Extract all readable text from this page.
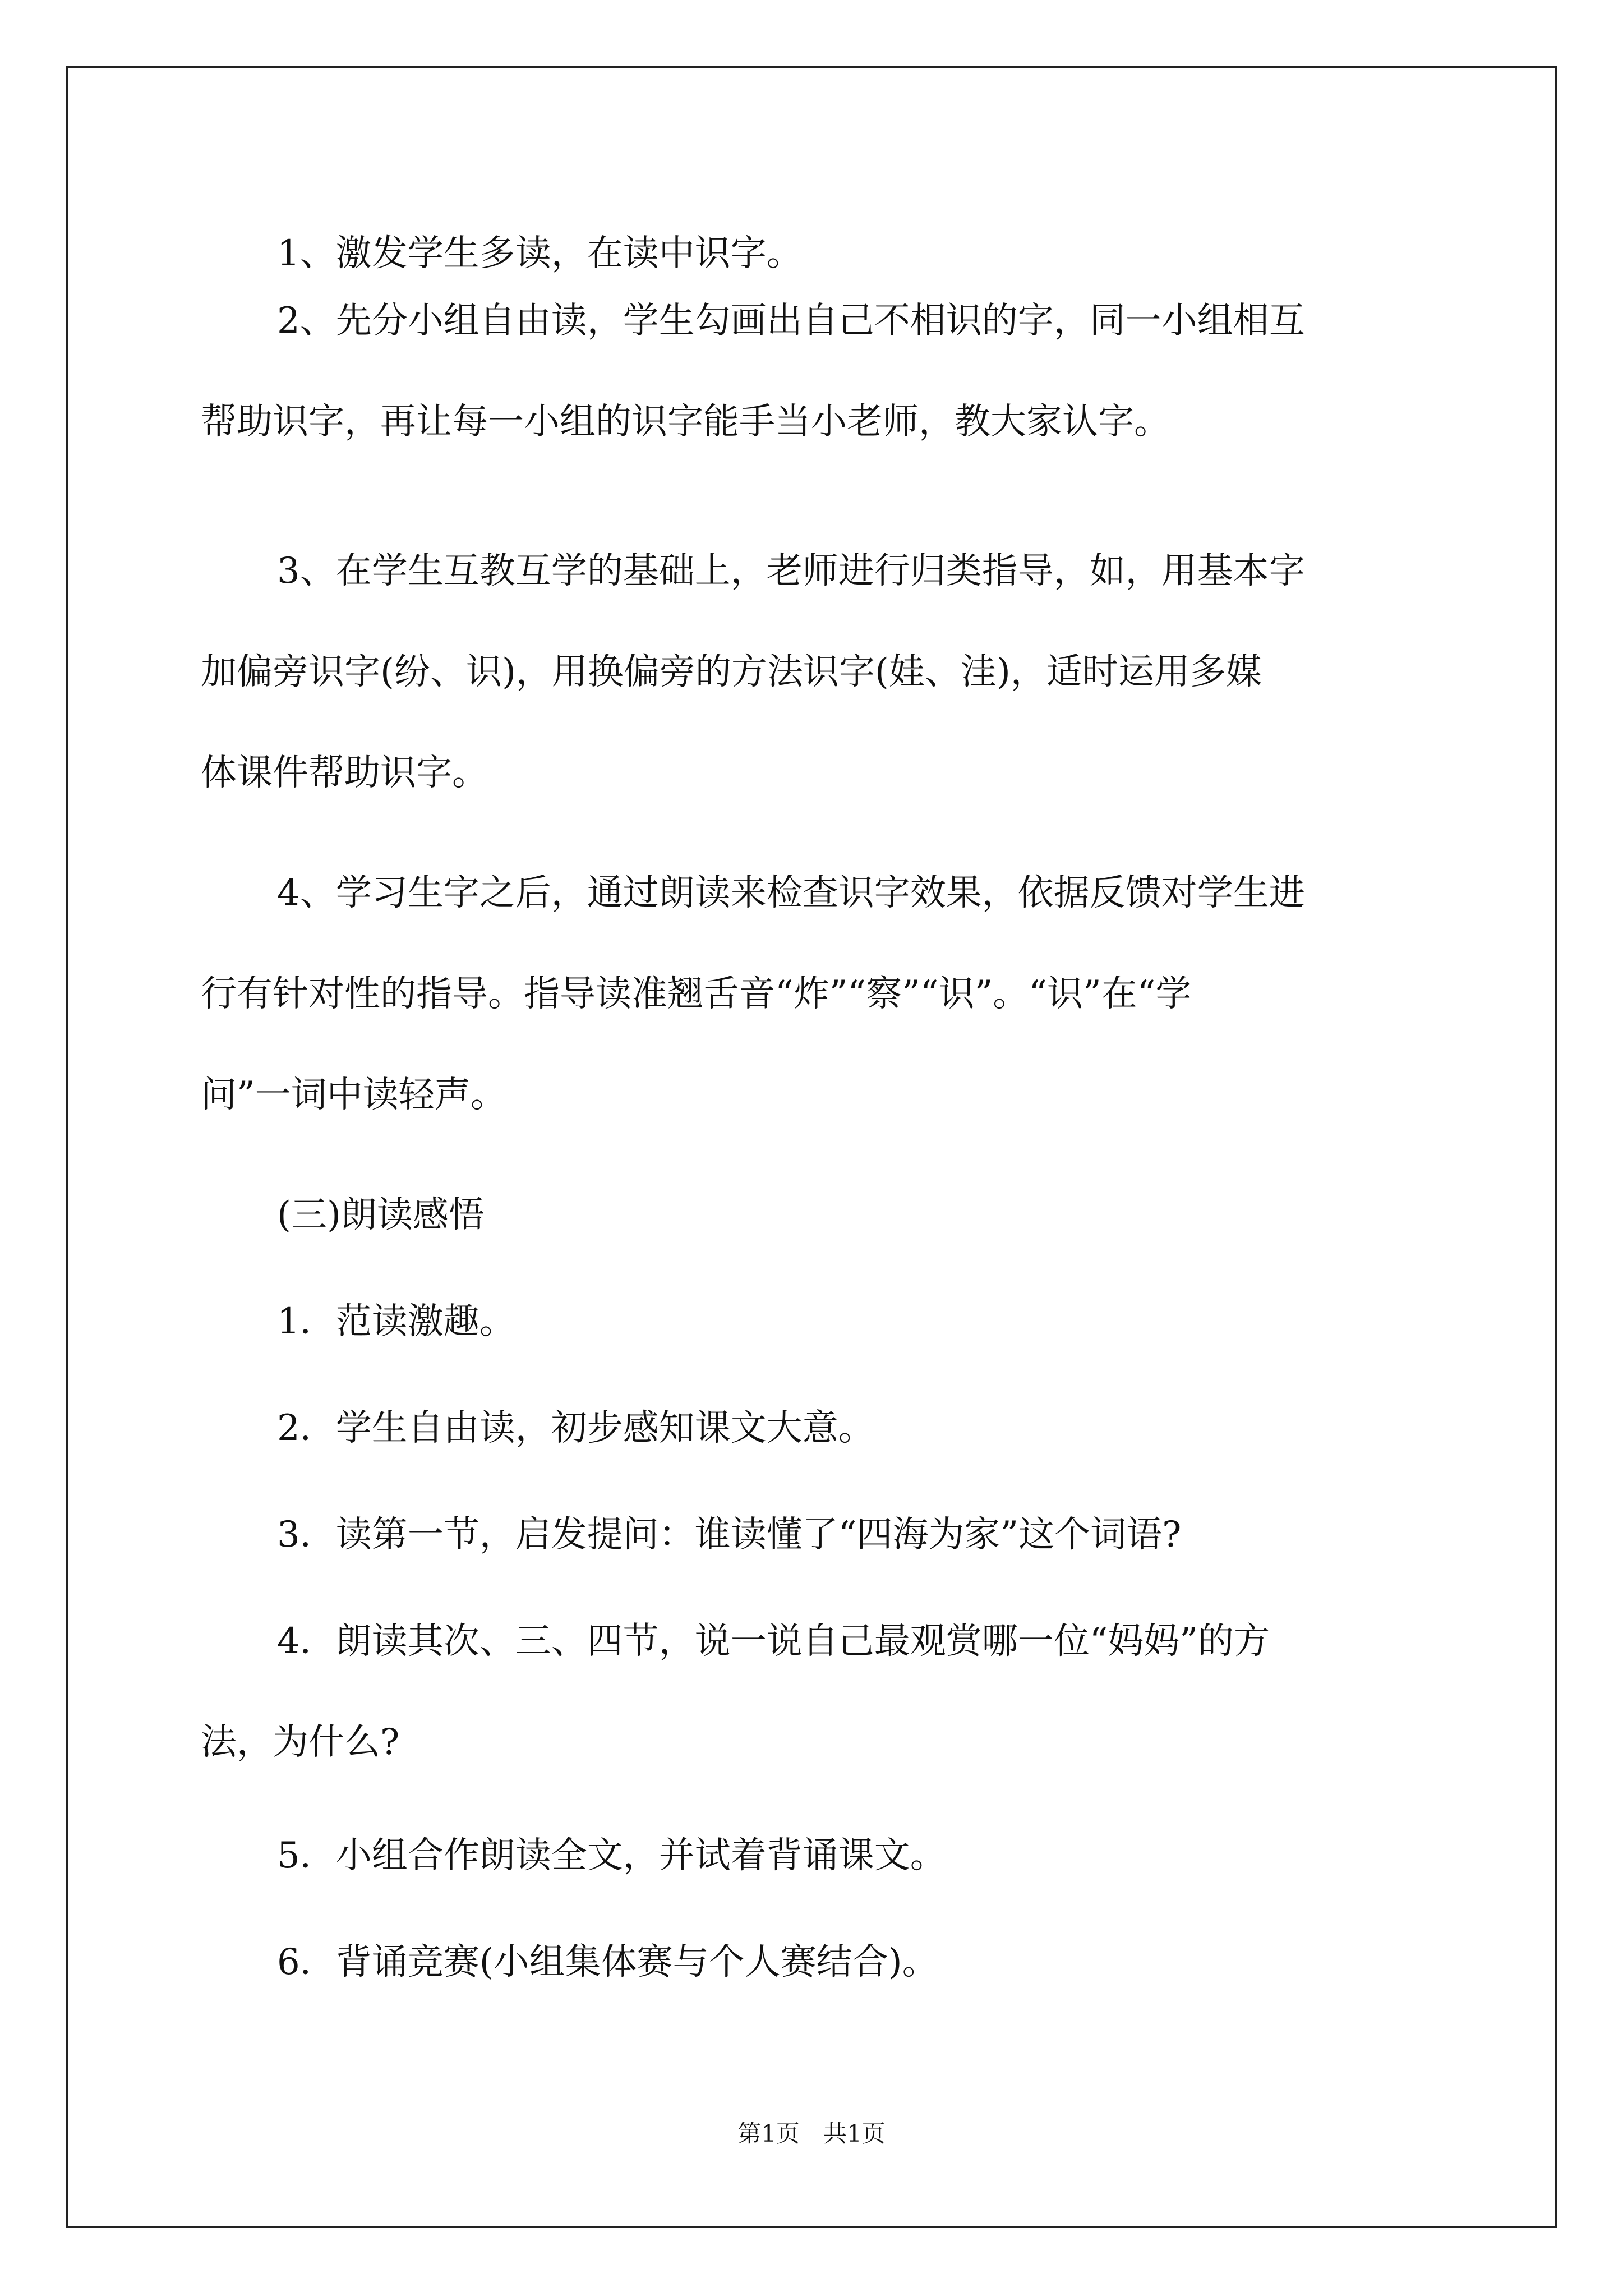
1、激发学生多读，在读中识字。
2、先分小组自由读，学生勾画出自己不相识的字，同一小组相互
帮助识字，再让每一小组的识字能手当小老师，教大家认字。
3、在学生互教互学的基础上，老师进行归类指导，如，用基本字
加偏旁识字(纷、识)，用换偏旁的方法识字(娃、洼)，适时运用多媒
体课件帮助识字。
4、学习生字之后，通过朗读来检查识字效果，依据反馈对学生进
行有针对性的指导。指导读准翘舌音“炸”“察”“识”。“识”在“学
问”一词中读轻声。
(三)朗读感悟
1．范读激趣。
2．学生自由读，初步感知课文大意。
3．读第一节，启发提问：谁读懂了“四海为家”这个词语?
4．朗读其次、三、四节，说一说自己最观赏哪一位“妈妈”的方
法，为什么?
5．小组合作朗读全文，并试着背诵课文。
6．背诵竞赛(小组集体赛与个人赛结合)。
第1页　共1页
